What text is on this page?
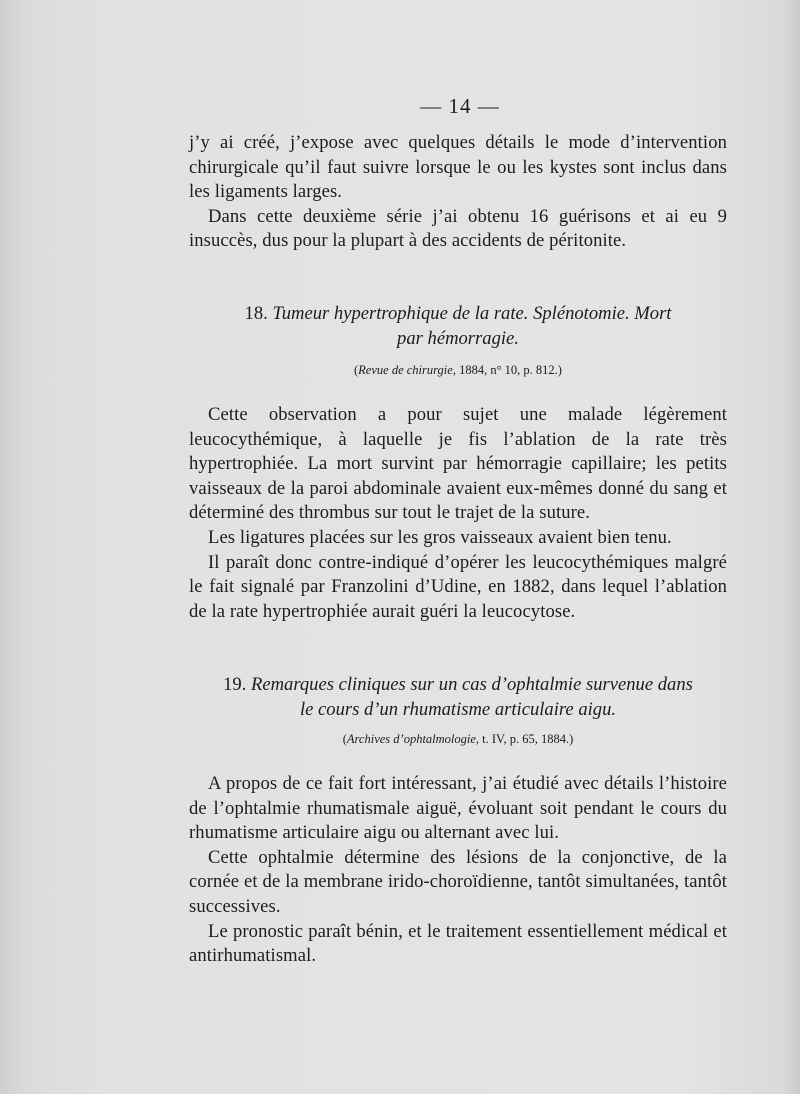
— 14 —

j’y ai créé, j’expose avec quelques détails le mode d’intervention chirurgicale qu’il faut suivre lorsque le ou les kystes sont inclus dans les ligaments larges.

Dans cette deuxième série j’ai obtenu 16 guérisons et ai eu 9 insuccès, dus pour la plupart à des accidents de péritonite.

18. Tumeur hypertrophique de la rate. Splénotomie. Mort
par hémorragie.
(Revue de chirurgie, 1884, n° 10, p. 812.)

Cette observation a pour sujet une malade légèrement leucocythémique, à laquelle je fis l’ablation de la rate très hypertrophiée. La mort survint par hémorragie capillaire; les petits vaisseaux de la paroi abdominale avaient eux-mêmes donné du sang et déterminé des thrombus sur tout le trajet de la suture.

Les ligatures placées sur les gros vaisseaux avaient bien tenu.

Il paraît donc contre-indiqué d’opérer les leucocythémiques malgré le fait signalé par Franzolini d’Udine, en 1882, dans lequel l’ablation de la rate hypertrophiée aurait guéri la leucocytose.

19. Remarques cliniques sur un cas d’ophtalmie survenue dans
le cours d’un rhumatisme articulaire aigu.
(Archives d’ophtalmologie, t. IV, p. 65, 1884.)

A propos de ce fait fort intéressant, j’ai étudié avec détails l’histoire de l’ophtalmie rhumatismale aiguë, évoluant soit pendant le cours du rhumatisme articulaire aigu ou alternant avec lui.

Cette ophtalmie détermine des lésions de la conjonctive, de la cornée et de la membrane irido-choroïdienne, tantôt simultanées, tantôt successives.

Le pronostic paraît bénin, et le traitement essentiellement médical et antirhumatismal.
